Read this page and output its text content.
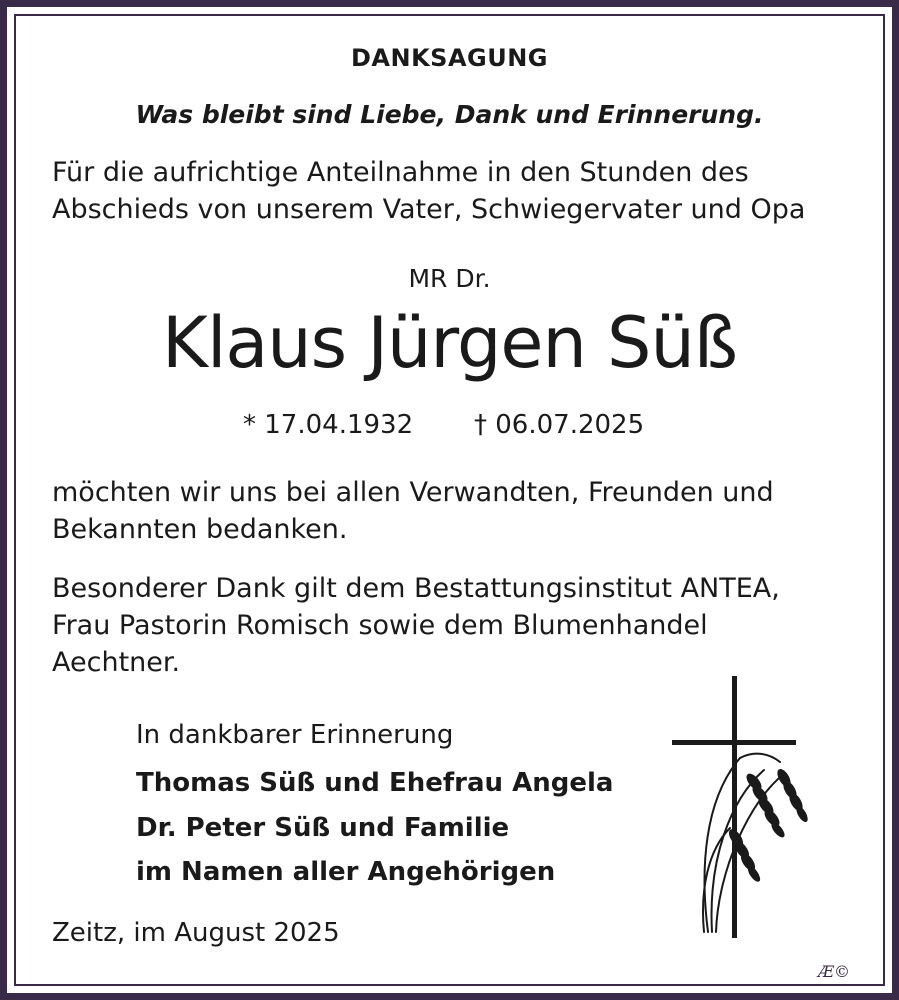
DANKSAGUNG

Was bleibt sind Liebe, Dank und Erinnerung.

Für die aufrichtige Anteilnahme in den Stunden des
Abschieds von unserem Vater, Schwiegervater und Opa

MR Dr.

Klaus Jürgen Süß

* 17.04.1932 † 06.07.2025

möchten wir uns bei allen Verwandten, Freunden und
Bekannten bedanken.

Besonderer Dank gilt dem Bestattungsinstitut ANTEA,
Frau Pastorin Romisch sowie dem Blumenhandel
Aechtner.

In dankbarer Erinnerung

Thomas Süß und Ehefrau Angela

Dr. Peter Süß und Familie

im Namen aller Angehörigen

Zeitz, im August 2025

Æ©
